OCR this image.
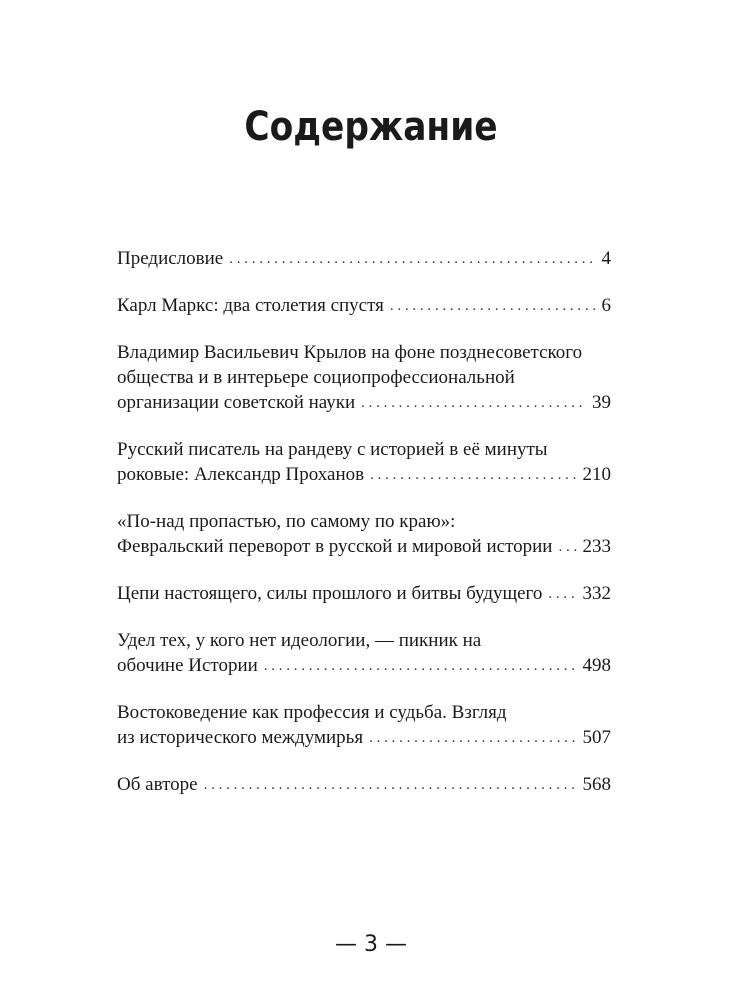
Содержание
Предисловие . . .	4
Карл Маркс: два столетия спустя . . .	6
Владимир Васильевич Крылов на фоне позднесоветского
общества и в интерьере социопрофессиональной
организации советской науки . . .	39
Русский писатель на рандеву с историей в её минуты
роковые: Александр Проханов . . .	210
«По-над пропастью, по самому по краю»:
Февральский переворот в русской и мировой истории . . . 233
Цепи настоящего, силы прошлого и битвы будущего . . . 332
Удел тех, у кого нет идеологии, — пикник на
обочине Истории . . .	498
Востоковедение как профессия и судьба. Взгляд
из исторического междумирья . . .	507
Об авторе . . .	568
— 3 —
